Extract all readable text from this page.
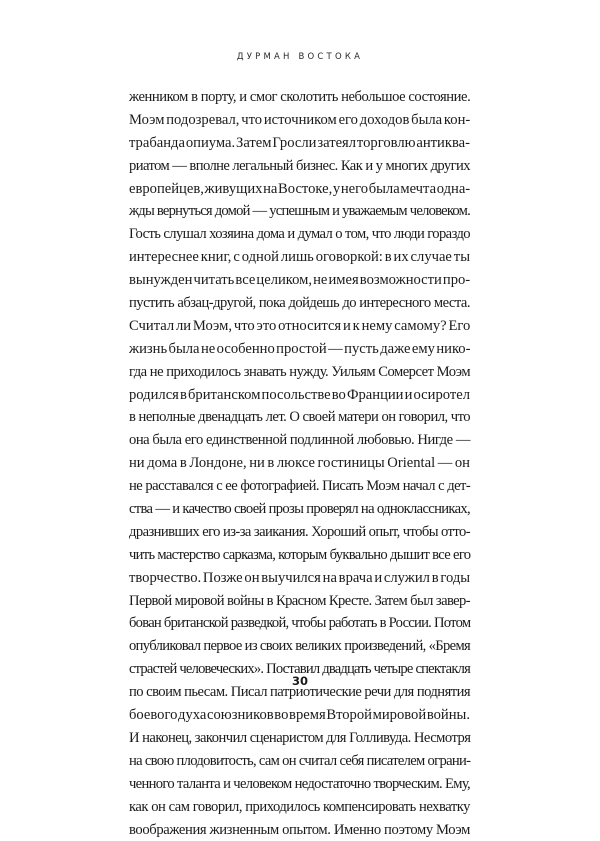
ДУРМАН ВОСТОКА
женником в порту, и смог сколотить небольшое состояние.
Моэм подозревал, что источником его доходов была кон-
трабанда опиума. Затем Гросли затеял торговлю антиква-
риатом — вполне легальный бизнес. Как и у многих других
европейцев, живущих на Востоке, у него была мечта одна-
жды вернуться домой — успешным и уважаемым человеком.
Гость слушал хозяина дома и думал о том, что люди гораздо
интереснее книг, с одной лишь оговоркой: в их случае ты
вынужден читать все целиком, не имея возможности про-
пустить абзац-другой, пока дойдешь до интересного места.
Считал ли Моэм, что это относится и к нему самому? Его
жизнь была не особенно простой — пусть даже ему нико-
гда не приходилось знавать нужду. Уильям Сомерсет Моэм
родился в британском посольстве во Франции и осиротел
в неполные двенадцать лет. О своей матери он говорил, что
она была его единственной подлинной любовью. Нигде —
ни дома в Лондоне, ни в люксе гостиницы Oriental — он
не расставался с ее фотографией. Писать Моэм начал с дет-
ства — и качество своей прозы проверял на одноклассниках,
дразнивших его из-за заикания. Хороший опыт, чтобы отто-
чить мастерство сарказма, которым буквально дышит все его
творчество. Позже он выучился на врача и служил в годы
Первой мировой войны в Красном Кресте. Затем был завер-
бован британской разведкой, чтобы работать в России. Потом
опубликовал первое из своих великих произведений, «Бремя
страстей человеческих». Поставил двадцать четыре спектакля
по своим пьесам. Писал патриотические речи для поднятия
боевого духа союзников во время Второй мировой войны.
И наконец, закончил сценаристом для Голливуда. Несмотря
на свою плодовитость, сам он считал себя писателем ограни-
ченного таланта и человеком недостаточно творческим. Ему,
как он сам говорил, приходилось компенсировать нехватку
воображения жизненным опытом. Именно поэтому Моэм
30
